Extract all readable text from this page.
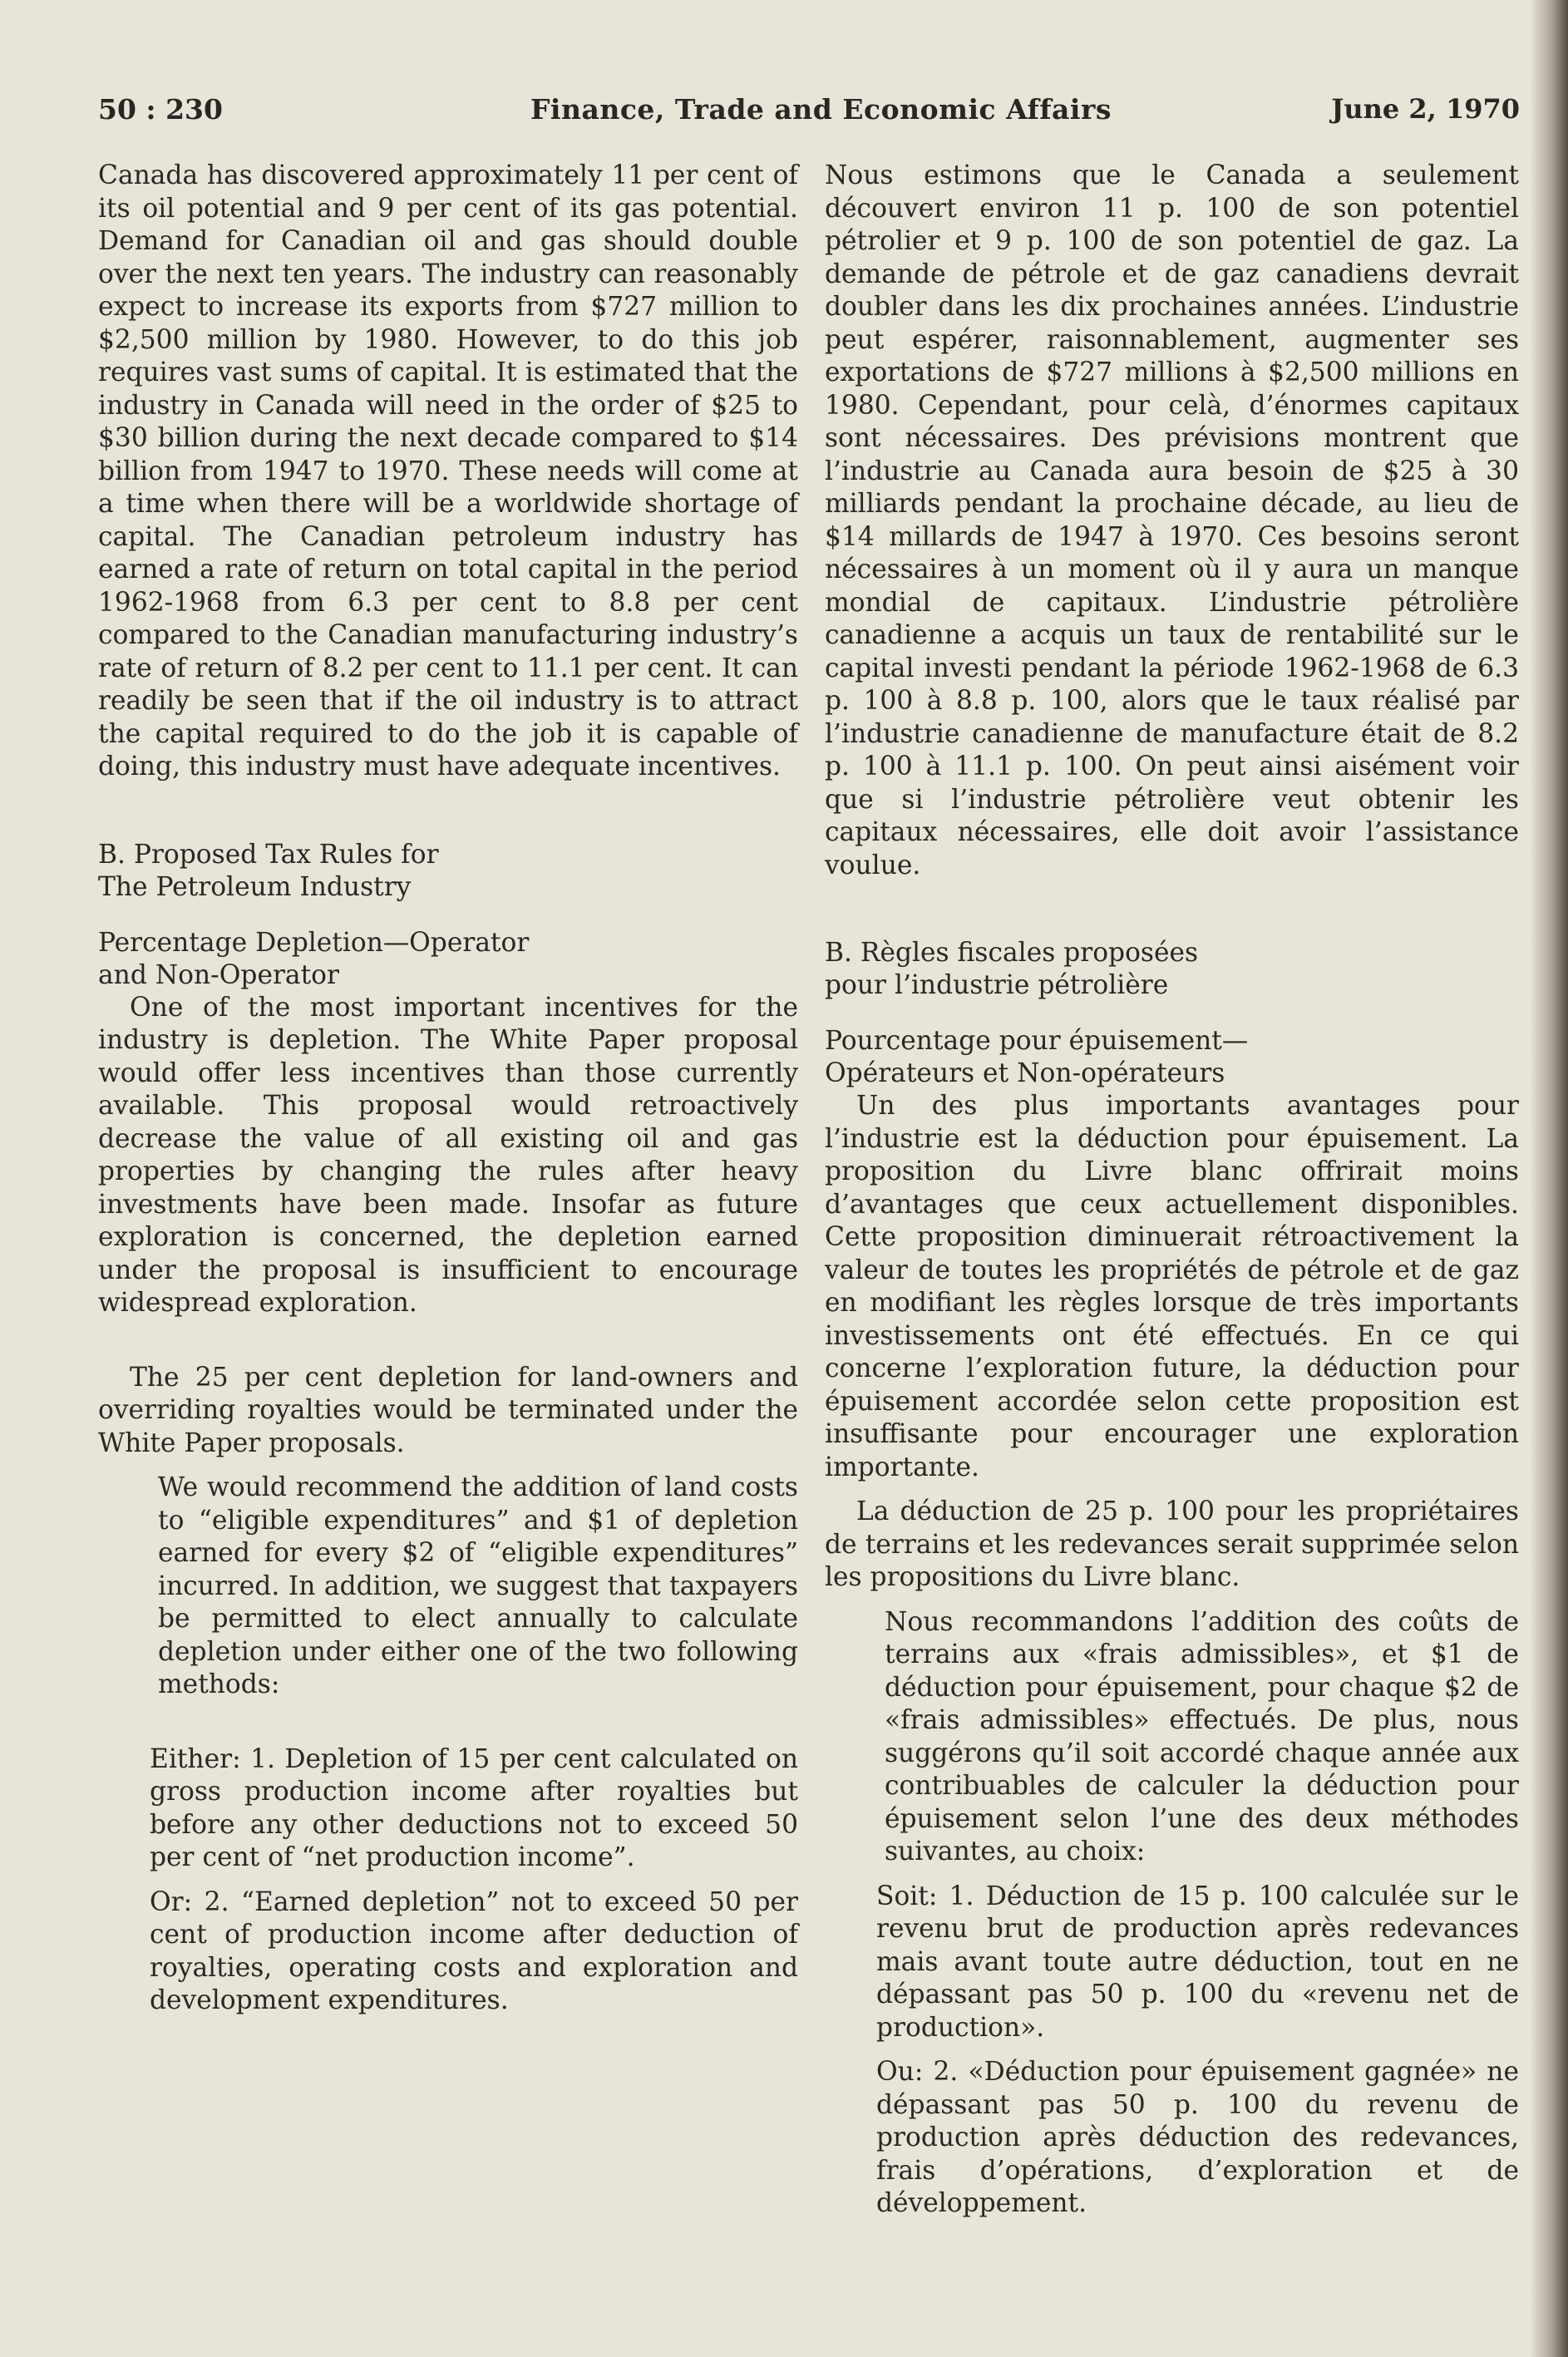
50 : 230	Finance, Trade and Economic Affairs	June 2, 1970

Canada has discovered approximately 11 per cent of its oil potential and 9 per cent of its gas potential. Demand for Canadian oil and gas should double over the next ten years. The industry can reasonably expect to increase its exports from $727 million to $2,500 million by 1980. However, to do this job requires vast sums of capital. It is estimated that the industry in Canada will need in the order of $25 to $30 billion during the next decade compared to $14 billion from 1947 to 1970. These needs will come at a time when there will be a worldwide shortage of capital. The Canadian petroleum industry has earned a rate of return on total capital in the period 1962-1968 from 6.3 per cent to 8.8 per cent compared to the Canadian manufacturing industry’s rate of return of 8.2 per cent to 11.1 per cent. It can readily be seen that if the oil industry is to attract the capital required to do the job it is capable of doing, this industry must have adequate incentives.

B. Proposed Tax Rules for

The Petroleum Industry

Percentage Depletion—Operator

and Non-Operator

One of the most important incentives for the industry is depletion. The White Paper proposal would offer less incentives than those currently available. This proposal would retroactively decrease the value of all existing oil and gas properties by changing the rules after heavy investments have been made. Insofar as future exploration is concerned, the depletion earned under the proposal is insufficient to encourage widespread exploration.

The 25 per cent depletion for land-owners and overriding royalties would be terminated under the White Paper proposals.

We would recommend the addition of land costs to “eligible expenditures” and $1 of depletion earned for every $2 of “eligible expenditures” incurred. In addition, we suggest that taxpayers be permitted to elect annually to calculate depletion under either one of the two following methods:

Either: 1. Depletion of 15 per cent calculated on gross production income after royalties but before any other deductions not to exceed 50 per cent of “net production income”.

Or: 2. “Earned depletion” not to exceed 50 per cent of production income after deduction of royalties, operating costs and exploration and development expenditures.

Nous estimons que le Canada a seulement découvert environ 11 p. 100 de son potentiel pétrolier et 9 p. 100 de son potentiel de gaz. La demande de pétrole et de gaz canadiens devrait doubler dans les dix prochaines années. L’industrie peut espérer, raisonnablement, augmenter ses exportations de $727 millions à $2,500 millions en 1980. Cependant, pour celà, d’énormes capitaux sont nécessaires. Des prévisions montrent que l’industrie au Canada aura besoin de $25 à 30 milliards pendant la prochaine décade, au lieu de $14 millards de 1947 à 1970. Ces besoins seront nécessaires à un moment où il y aura un manque mondial de capitaux. L’industrie pétrolière canadienne a acquis un taux de rentabilité sur le capital investi pendant la période 1962-1968 de 6.3 p. 100 à 8.8 p. 100, alors que le taux réalisé par l’industrie canadienne de manufacture était de 8.2 p. 100 à 11.1 p. 100. On peut ainsi aisément voir que si l’industrie pétrolière veut obtenir les capitaux nécessaires, elle doit avoir l’assistance voulue.

B. Règles fiscales proposées

pour l’industrie pétrolière

Pourcentage pour épuisement—

Opérateurs et Non-opérateurs

Un des plus importants avantages pour l’industrie est la déduction pour épuisement. La proposition du Livre blanc offrirait moins d’avantages que ceux actuellement disponibles. Cette proposition diminuerait rétroactivement la valeur de toutes les propriétés de pétrole et de gaz en modifiant les règles lorsque de très importants investissements ont été effectués. En ce qui concerne l’exploration future, la déduction pour épuisement accordée selon cette proposition est insuffisante pour encourager une exploration importante.

La déduction de 25 p. 100 pour les propriétaires de terrains et les redevances serait supprimée selon les propositions du Livre blanc.

Nous recommandons l’addition des coûts de terrains aux «frais admissibles», et $1 de déduction pour épuisement, pour chaque $2 de «frais admissibles» effectués. De plus, nous suggérons qu’il soit accordé chaque année aux contribuables de calculer la déduction pour épuisement selon l’une des deux méthodes suivantes, au choix:

Soit: 1. Déduction de 15 p. 100 calculée sur le revenu brut de production après redevances mais avant toute autre déduction, tout en ne dépassant pas 50 p. 100 du «revenu net de production».

Ou: 2. «Déduction pour épuisement gagnée» ne dépassant pas 50 p. 100 du revenu de production après déduction des redevances, frais d’opérations, d’exploration et de développement.
